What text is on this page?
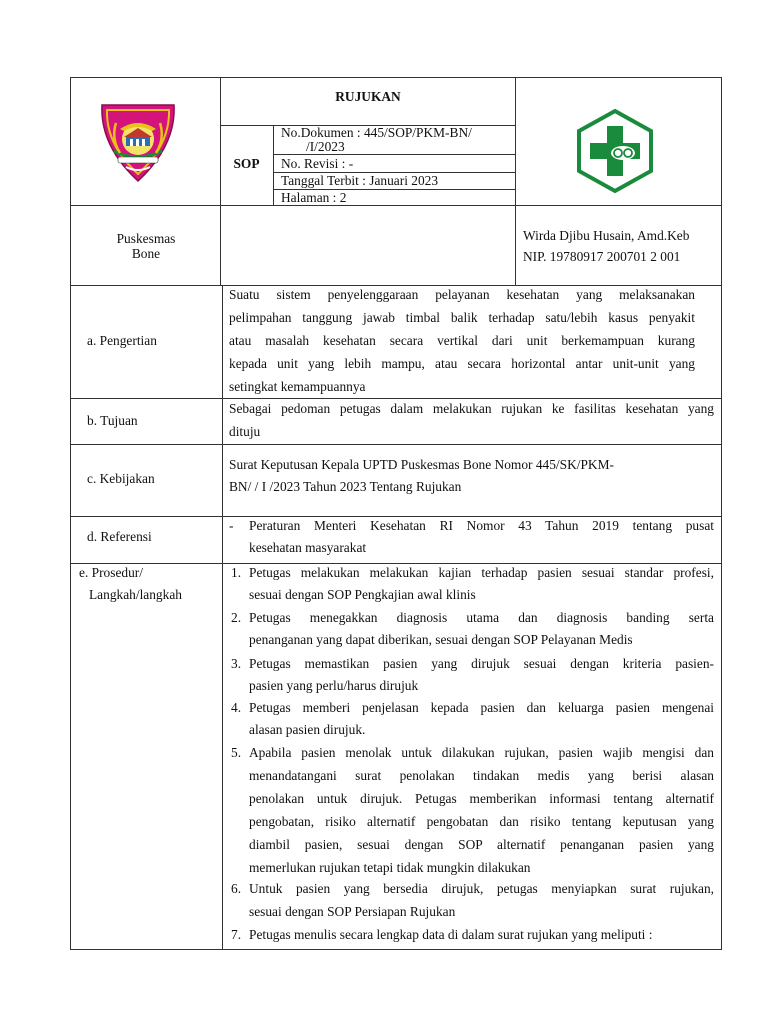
RUJUKAN
SOP
No.Dokumen : 445/SOP/PKM-BN/
/I/2023
No. Revisi : -
Tanggal Terbit : Januari 2023
Halaman : 2
Puskesmas
Bone
Wirda Djibu Husain, Amd.Keb
NIP. 19780917 200701 2 001
a. Pengertian
Suatu sistem penyelenggaraan pelayanan kesehatan yang melaksanakan
pelimpahan tanggung jawab timbal balik terhadap satu/lebih kasus penyakit
atau masalah kesehatan secara vertikal dari unit berkemampuan kurang
kepada unit yang lebih mampu, atau secara horizontal antar unit-unit yang
setingkat kemampuannya
b. Tujuan
Sebagai pedoman petugas dalam melakukan rujukan ke fasilitas kesehatan yang
dituju
c. Kebijakan
Surat Keputusan Kepala UPTD Puskesmas Bone Nomor 445/SK/PKM-
BN/ / I /2023 Tahun 2023 Tentang Rujukan
d. Referensi
- Peraturan Menteri Kesehatan RI Nomor 43 Tahun 2019 tentang pusat
kesehatan masyarakat
e. Prosedur/
Langkah/langkah
1. Petugas melakukan melakukan kajian terhadap pasien sesuai standar profesi,
sesuai dengan SOP Pengkajian awal klinis
2. Petugas menegakkan diagnosis utama dan diagnosis banding serta
penanganan yang dapat diberikan, sesuai dengan SOP Pelayanan Medis
3. Petugas memastikan pasien yang dirujuk sesuai dengan kriteria pasien-
pasien yang perlu/harus dirujuk
4. Petugas memberi penjelasan kepada pasien dan keluarga pasien mengenai
alasan pasien dirujuk.
5. Apabila pasien menolak untuk dilakukan rujukan, pasien wajib mengisi dan
menandatangani surat penolakan tindakan medis yang berisi alasan
penolakan untuk dirujuk. Petugas memberikan informasi tentang alternatif
pengobatan, risiko alternatif pengobatan dan risiko tentang keputusan yang
diambil pasien, sesuai dengan SOP alternatif penanganan pasien yang
memerlukan rujukan tetapi tidak mungkin dilakukan
6. Untuk pasien yang bersedia dirujuk, petugas menyiapkan surat rujukan,
sesuai dengan SOP Persiapan Rujukan
7. Petugas menulis secara lengkap data di dalam surat rujukan yang meliputi :
